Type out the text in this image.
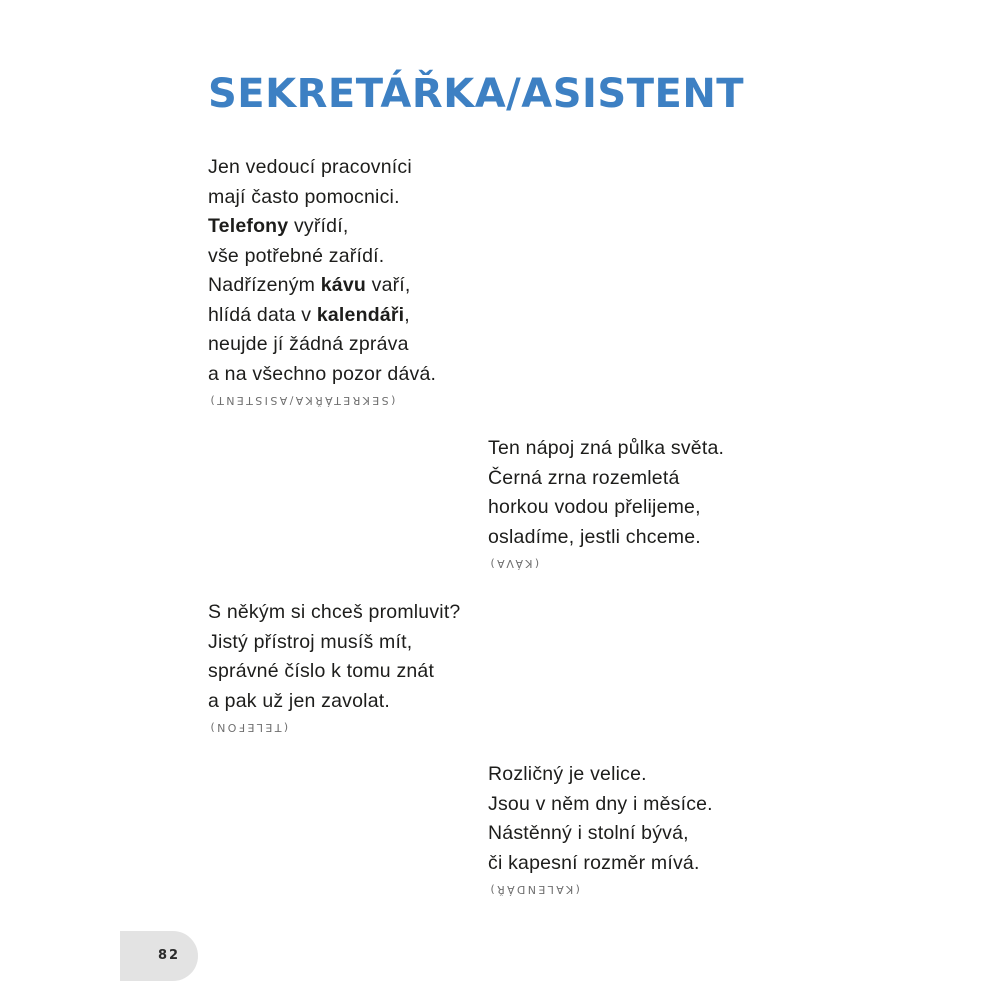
SEKRETÁŘKA/ASISTENT
Jen vedoucí pracovníci
mají často pomocnici.
Telefony vyřídí,
vše potřebné zařídí.
Nadřízeným kávu vaří,
hlídá data v kalendáři,
neujde jí žádná zpráva
a na všechno pozor dává.
(SEKRETÁŘKA/ASISTENT)
Ten nápoj zná půlka světa.
Černá zrna rozemletá
horkou vodou přelijeme,
osladíme, jestli chceme.
(KÁVA)
S někým si chceš promluvit?
Jistý přístroj musíš mít,
správné číslo k tomu znát
a pak už jen zavolat.
(TELEFON)
Rozličný je velice.
Jsou v něm dny i měsíce.
Nástěnný i stolní bývá,
či kapesní rozměr mívá.
(KALENDÁŘ)
82
